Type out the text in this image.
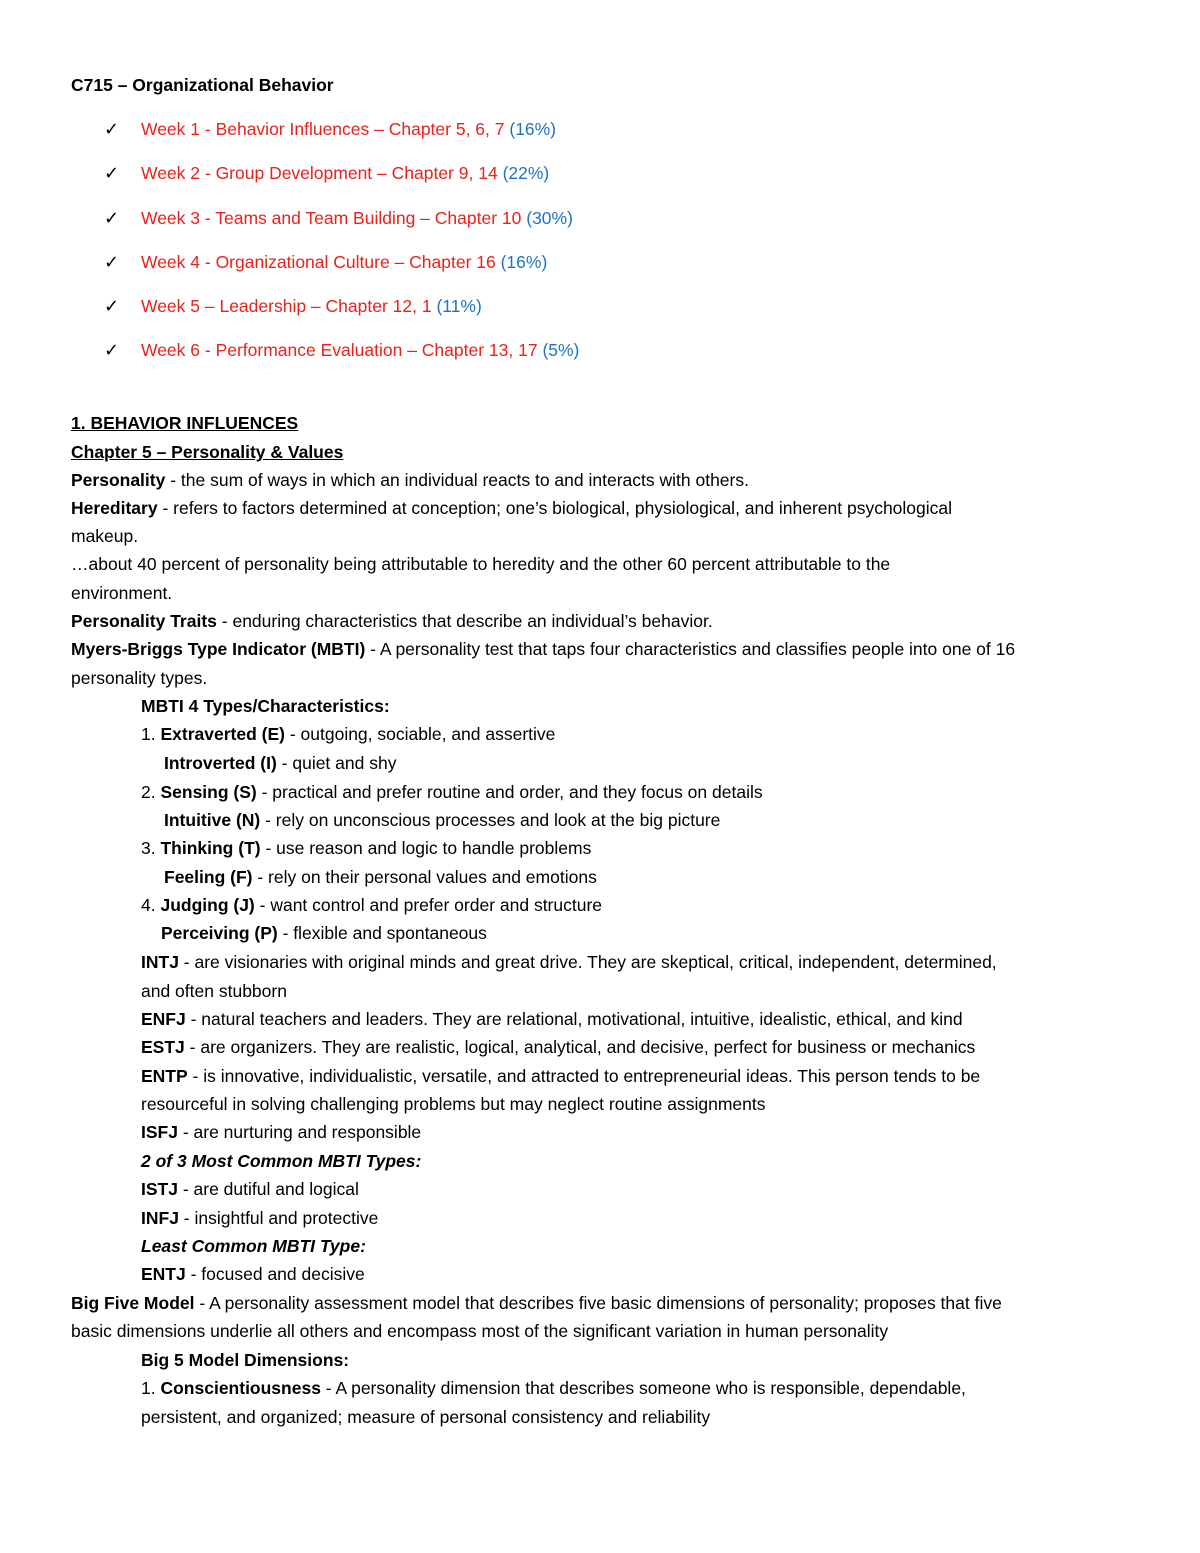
C715 – Organizational Behavior
✓ Week 1 - Behavior Influences – Chapter 5, 6, 7 (16%)
✓ Week 2 - Group Development – Chapter 9, 14 (22%)
✓ Week 3 - Teams and Team Building – Chapter 10 (30%)
✓ Week 4 - Organizational Culture – Chapter 16 (16%)
✓ Week 5 – Leadership – Chapter 12, 1 (11%)
✓ Week 6 - Performance Evaluation – Chapter 13, 17 (5%)
1. BEHAVIOR INFLUENCES
Chapter 5 – Personality & Values
Personality - the sum of ways in which an individual reacts to and interacts with others.
Hereditary - refers to factors determined at conception; one’s biological, physiological, and inherent psychological
makeup.
…about 40 percent of personality being attributable to heredity and the other 60 percent attributable to the
environment.
Personality Traits - enduring characteristics that describe an individual’s behavior.
Myers-Briggs Type Indicator (MBTI) - A personality test that taps four characteristics and classifies people into one of 16
personality types.
MBTI 4 Types/Characteristics:
1. Extraverted (E) - outgoing, sociable, and assertive
Introverted (I) - quiet and shy
2. Sensing (S) - practical and prefer routine and order, and they focus on details
Intuitive (N) - rely on unconscious processes and look at the big picture
3. Thinking (T) - use reason and logic to handle problems
Feeling (F) - rely on their personal values and emotions
4. Judging (J) - want control and prefer order and structure
Perceiving (P) - flexible and spontaneous
INTJ - are visionaries with original minds and great drive. They are skeptical, critical, independent, determined,
and often stubborn
ENFJ - natural teachers and leaders. They are relational, motivational, intuitive, idealistic, ethical, and kind
ESTJ - are organizers. They are realistic, logical, analytical, and decisive, perfect for business or mechanics
ENTP - is innovative, individualistic, versatile, and attracted to entrepreneurial ideas. This person tends to be
resourceful in solving challenging problems but may neglect routine assignments
ISFJ - are nurturing and responsible
2 of 3 Most Common MBTI Types:
ISTJ - are dutiful and logical
INFJ - insightful and protective
Least Common MBTI Type:
ENTJ - focused and decisive
Big Five Model - A personality assessment model that describes five basic dimensions of personality; proposes that five
basic dimensions underlie all others and encompass most of the significant variation in human personality
Big 5 Model Dimensions:
1. Conscientiousness - A personality dimension that describes someone who is responsible, dependable,
persistent, and organized; measure of personal consistency and reliability
